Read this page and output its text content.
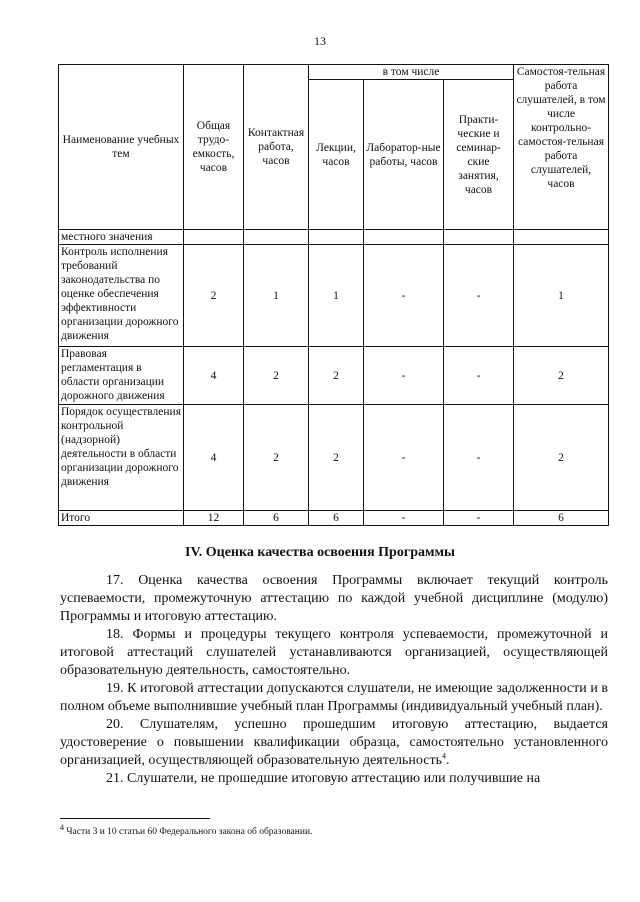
13
Наименование учебных тем	Общая трудо-емкость, часов	Контактная работа, часов	в том числе			Самостоя-тельная работа слушателей, в том числе контрольно-самостоя-тельная работа слушателей, часов
			Лекции, часов	Лаборатор-ные работы, часов	Практи-ческие и семинар-ские занятия, часов	
местного значения						
Контроль исполнения требований законодательства по оценке обеспечения эффективности организации дорожного движения	2	1	1	-	-	1
Правовая регламентация в области организации дорожного движения	4	2	2	-	-	2
Порядок осуществления контрольной (надзорной) деятельности в области организации дорожного движения	4	2	2	-	-	2
Итого	12	6	6	-	-	6
IV. Оценка качества освоения Программы

17. Оценка качества освоения Программы включает текущий контроль успеваемости, промежуточную аттестацию по каждой учебной дисциплине (модулю) Программы и итоговую аттестацию.

18. Формы и процедуры текущего контроля успеваемости, промежуточной и итоговой аттестаций слушателей устанавливаются организацией, осуществляющей образовательную деятельность, самостоятельно.

19. К итоговой аттестации допускаются слушатели, не имеющие задолженности и в полном объеме выполнившие учебный план Программы (индивидуальный учебный план).

20. Слушателям, успешно прошедшим итоговую аттестацию, выдается удостоверение о повышении квалификации образца, самостоятельно установленного организацией, осуществляющей образовательную деятельность$^4$.

21. Слушатели, не прошедшие итоговую аттестацию или получившие на

$^4$ Части 3 и 10 статьи 60 Федерального закона об образовании.
